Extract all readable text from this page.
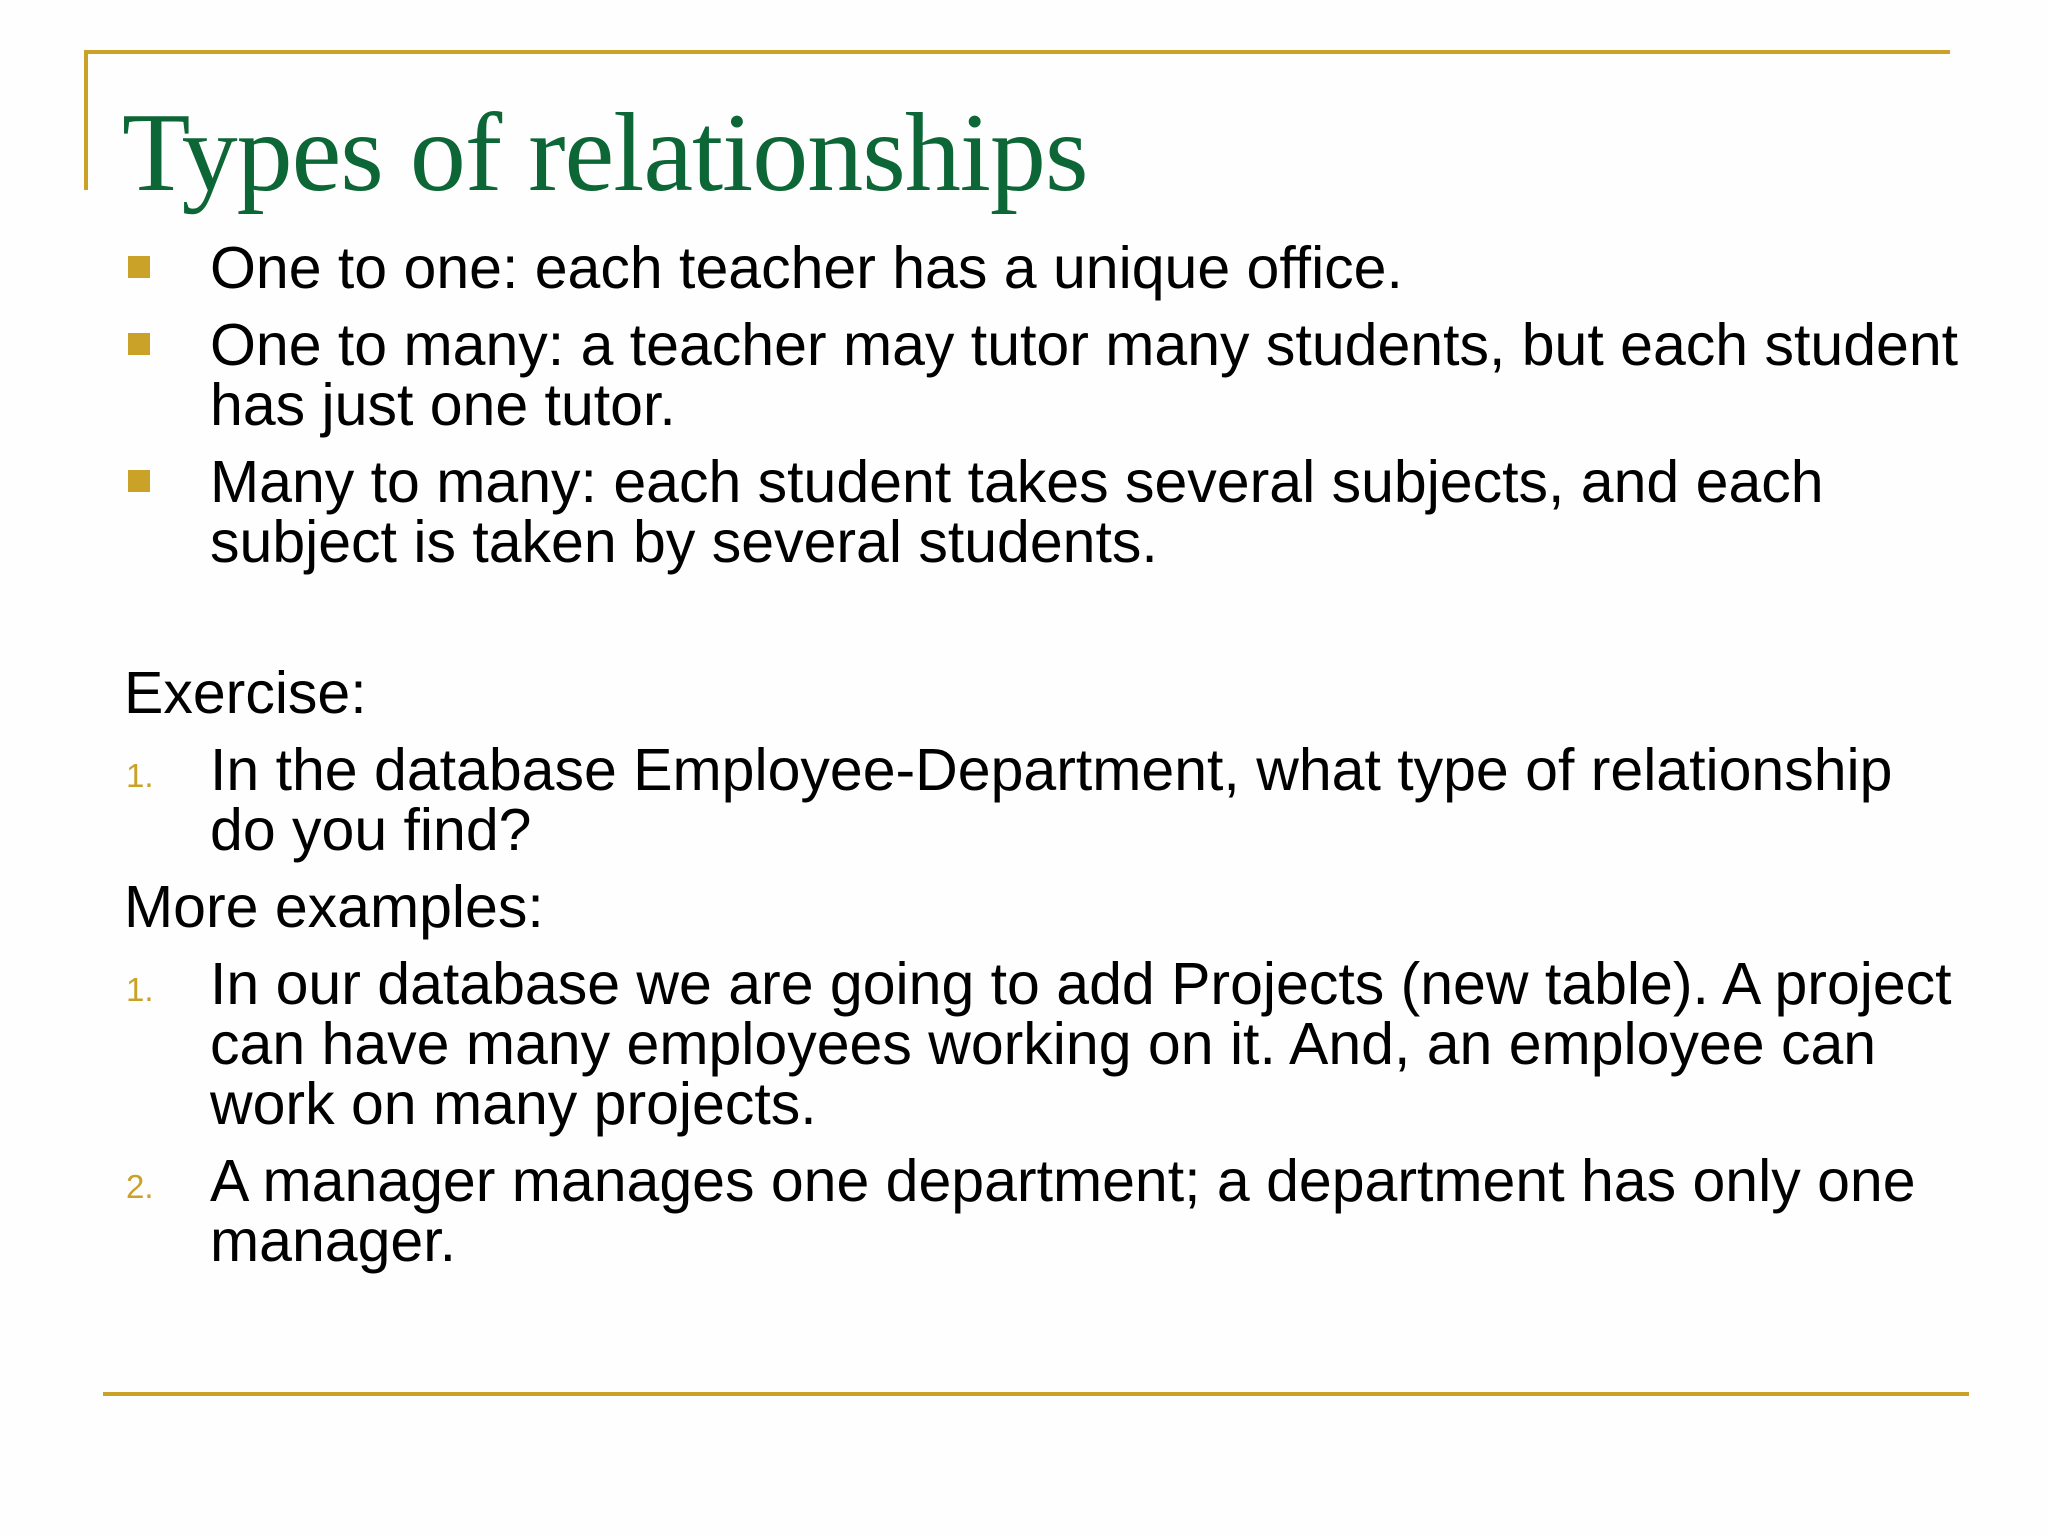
Types of relationships
One to one: each teacher has a unique office.
One to many: a teacher may tutor many students, but each student has just one tutor.
Many to many: each student takes several subjects, and each subject is taken by several students.
Exercise:
1. In the database Employee-Department, what type of relationship do you find?
More examples:
1. In our database we are going to add Projects (new table). A project can have many employees working on it. And, an employee can work on many projects.
2. A manager manages one department; a department has only one manager.
